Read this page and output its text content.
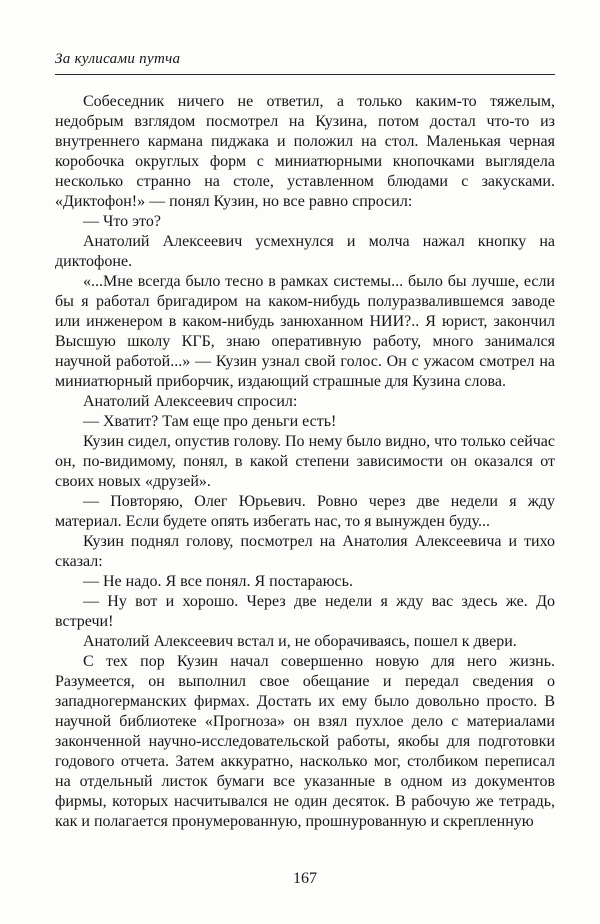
За кулисами путча

Собеседник ничего не ответил, а только каким-то тяжелым, недобрым взглядом посмотрел на Кузина, потом достал что-то из внутреннего кармана пиджака и положил на стол. Маленькая черная коробочка округлых форм с миниатюрными кнопочками выглядела несколько странно на столе, уставленном блюдами с закусками. «Диктофон!» — понял Кузин, но все равно спросил:

— Что это?

Анатолий Алексеевич усмехнулся и молча нажал кнопку на диктофоне.

«...Мне всегда было тесно в рамках системы... было бы лучше, если бы я работал бригадиром на каком-нибудь полуразвалившемся заводе или инженером в каком-нибудь занюханном НИИ?.. Я юрист, закончил Высшую школу КГБ, знаю оперативную работу, много занимался научной работой...» — Кузин узнал свой голос. Он с ужасом смотрел на миниатюрный приборчик, издающий страшные для Кузина слова.

Анатолий Алексеевич спросил:

— Хватит? Там еще про деньги есть!

Кузин сидел, опустив голову. По нему было видно, что только сейчас он, по-видимому, понял, в какой степени зависимости он оказался от своих новых «друзей».

— Повторяю, Олег Юрьевич. Ровно через две недели я жду материал. Если будете опять избегать нас, то я вынужден буду...

Кузин поднял голову, посмотрел на Анатолия Алексеевича и тихо сказал:

— Не надо. Я все понял. Я постараюсь.

— Ну вот и хорошо. Через две недели я жду вас здесь же. До встречи!

Анатолий Алексеевич встал и, не оборачиваясь, пошел к двери.

С тех пор Кузин начал совершенно новую для него жизнь. Разумеется, он выполнил свое обещание и передал сведения о западногерманских фирмах. Достать их ему было довольно просто. В научной библиотеке «Прогноза» он взял пухлое дело с материалами законченной научно-исследовательской работы, якобы для подготовки годового отчета. Затем аккуратно, насколько мог, столбиком переписал на отдельный листок бумаги все указанные в одном из документов фирмы, которых насчитывался не один десяток. В рабочую же тетрадь, как и полагается пронумерованную, прошнурованную и скрепленную

167
